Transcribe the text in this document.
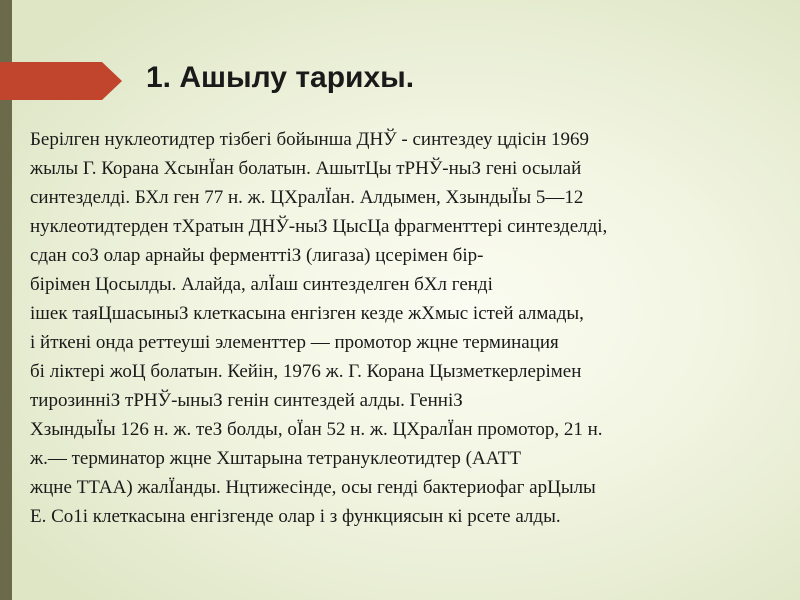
1. Ашылу тарихы.
Берілген нуклеотидтер тізбегі бойынша ДНЎ - синтездеу цдісін 1969
жылы Г. Корана ХсынЇан болатын. АшытЦы тРНЎ-ныЗ гені осылай
синтезделді. БХл ген 77 н. ж. ЦХралЇан. Алдымен, ХзындыЇы 5—12
нуклеотидтерден тХратын ДНЎ-ныЗ ЦысЦа фрагменттері синтезделді,
сдан соЗ олар арнайы ферменттіЗ (лигаза) цсерімен бір-
бірімен Цосылды. Алайда, алЇаш синтезделген бХл генді
ішек таяЦшасыныЗ клеткасына енгізген кезде жХмыс істей алмады,
і йткені онда реттеуші элементтер — промотор жцне терминация
бі ліктері жоЦ болатын. Кейін, 1976 ж. Г. Корана Цызметкерлерімен
тирозинніЗ тРНЎ-ыныЗ генін синтездей алды. ГенніЗ
ХзындыЇы 126 н. ж. теЗ болды, оЇан 52 н. ж. ЦХралЇан промотор, 21 н.
ж.— терминатор жцне Хштарына тетрануклеотидтер (ААТТ
жцне ТТАА) жалЇанды. Нцтижесінде, осы генді бактериофаг арЦылы
Е. Со1і клеткасына енгізгенде олар і з функциясын кі рсете алды.
